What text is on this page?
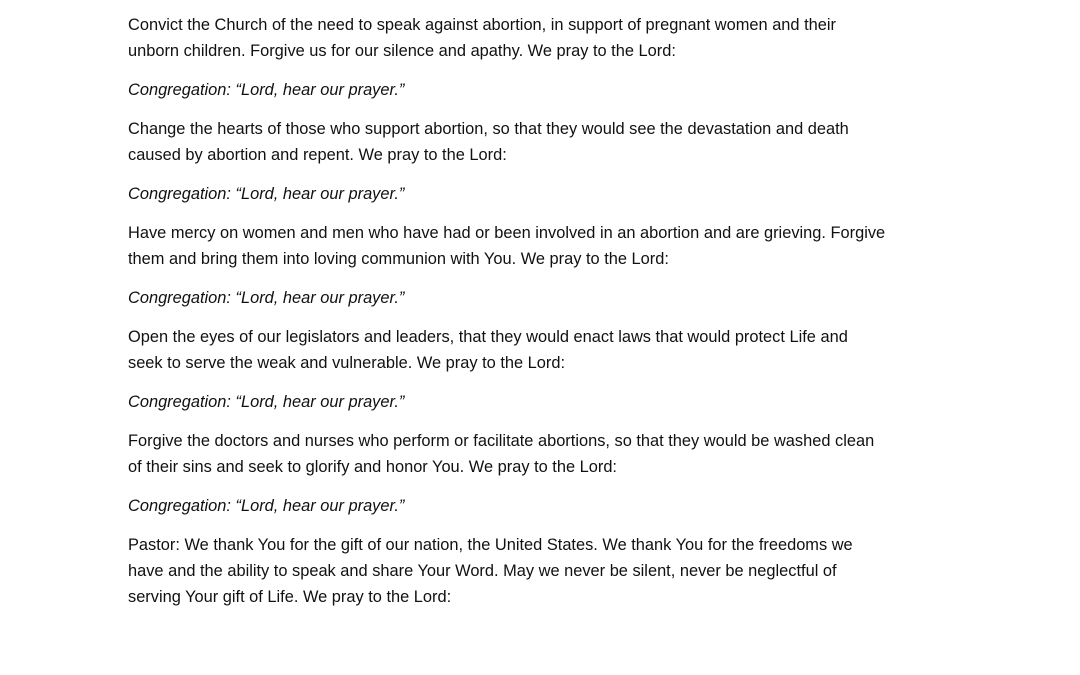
Convict the Church of the need to speak against abortion, in support of pregnant women and their
unborn children. Forgive us for our silence and apathy. We pray to the Lord:

Congregation: “Lord, hear our prayer.”

Change the hearts of those who support abortion, so that they would see the devastation and death
caused by abortion and repent. We pray to the Lord:

Congregation: “Lord, hear our prayer.”

Have mercy on women and men who have had or been involved in an abortion and are grieving. Forgive
them and bring them into loving communion with You. We pray to the Lord:

Congregation: “Lord, hear our prayer.”

Open the eyes of our legislators and leaders, that they would enact laws that would protect Life and
seek to serve the weak and vulnerable. We pray to the Lord:

Congregation: “Lord, hear our prayer.”

Forgive the doctors and nurses who perform or facilitate abortions, so that they would be washed clean
of their sins and seek to glorify and honor You. We pray to the Lord:

Congregation: “Lord, hear our prayer.”

Pastor: We thank You for the gift of our nation, the United States. We thank You for the freedoms we
have and the ability to speak and share Your Word. May we never be silent, never be neglectful of
serving Your gift of Life. We pray to the Lord:
